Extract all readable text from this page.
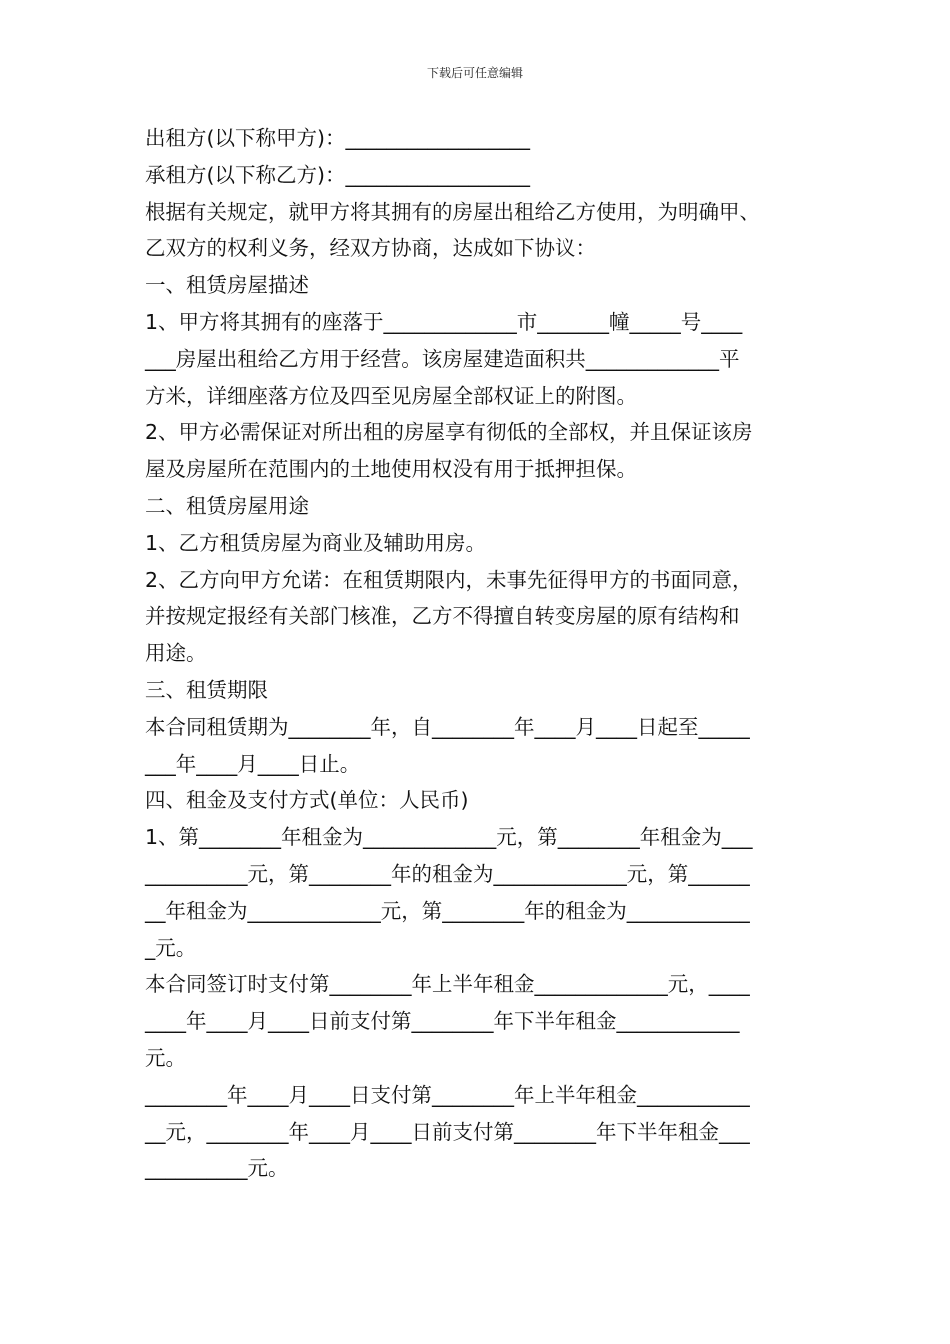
下载后可任意编辑
出租方(以下称甲方)：__________________
承租方(以下称乙方)：__________________
根据有关规定，就甲方将其拥有的房屋出租给乙方使用，为明确甲、
乙双方的权利义务，经双方协商，达成如下协议：
一、租赁房屋描述
1、甲方将其拥有的座落于_____________市_______幢_____号____
___房屋出租给乙方用于经营。该房屋建造面积共_____________平
方米，详细座落方位及四至见房屋全部权证上的附图。
2、甲方必需保证对所出租的房屋享有彻低的全部权，并且保证该房
屋及房屋所在范围内的土地使用权没有用于抵押担保。
二、租赁房屋用途
1、乙方租赁房屋为商业及辅助用房。
2、乙方向甲方允诺：在租赁期限内，未事先征得甲方的书面同意，
并按规定报经有关部门核准，乙方不得擅自转变房屋的原有结构和
用途。
三、租赁期限
本合同租赁期为________年，自________年____月____日起至_____
___年____月____日止。
四、租金及支付方式(单位：人民币)
1、第________年租金为_____________元，第________年租金为___
__________元，第________年的租金为_____________元，第______
__年租金为_____________元，第________年的租金为____________
_元。
本合同签订时支付第________年上半年租金_____________元，____
____年____月____日前支付第________年下半年租金____________
元。
________年____月____日支付第________年上半年租金___________
__元，________年____月____日前支付第________年下半年租金___
__________元。
